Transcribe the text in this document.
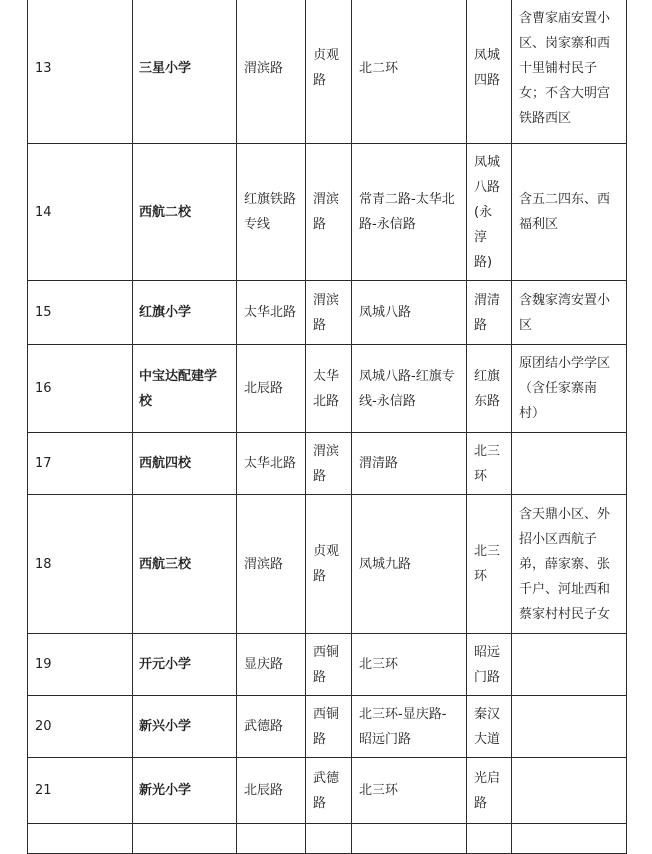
13	三星小学	渭滨路	贞观
路	北二环	凤城
四路	含曹家庙安置小
区、岗家寨和西
十里铺村民子
女；不含大明宫
铁路西区

14	西航二校	红旗铁路
专线	渭滨
路	常青二路-太华北
路-永信路	凤城
八路
(永
淳
路)	含五二四东、西
福利区

15	红旗小学	太华北路	渭滨
路	凤城八路	渭清
路	含魏家湾安置小
区

16	中宝达配建学
校	北辰路	太华
北路	凤城八路-红旗专
线-永信路	红旗
东路	原团结小学学区
（含任家寨南
村）

17	西航四校	太华北路	渭滨
路	渭清路	北三
环	

18	西航三校	渭滨路	贞观
路	凤城九路	北三
环	含天鼎小区、外
招小区西航子
弟，薛家寨、张
千户、河址西和
蔡家村村民子女

19	开元小学	显庆路	西铜
路	北三环	昭远
门路	

20	新兴小学	武德路	西铜
路	北三环-显庆路-
昭远门路	秦汉
大道	

21	新光小学	北辰路	武德
路	北三环	光启
路	
